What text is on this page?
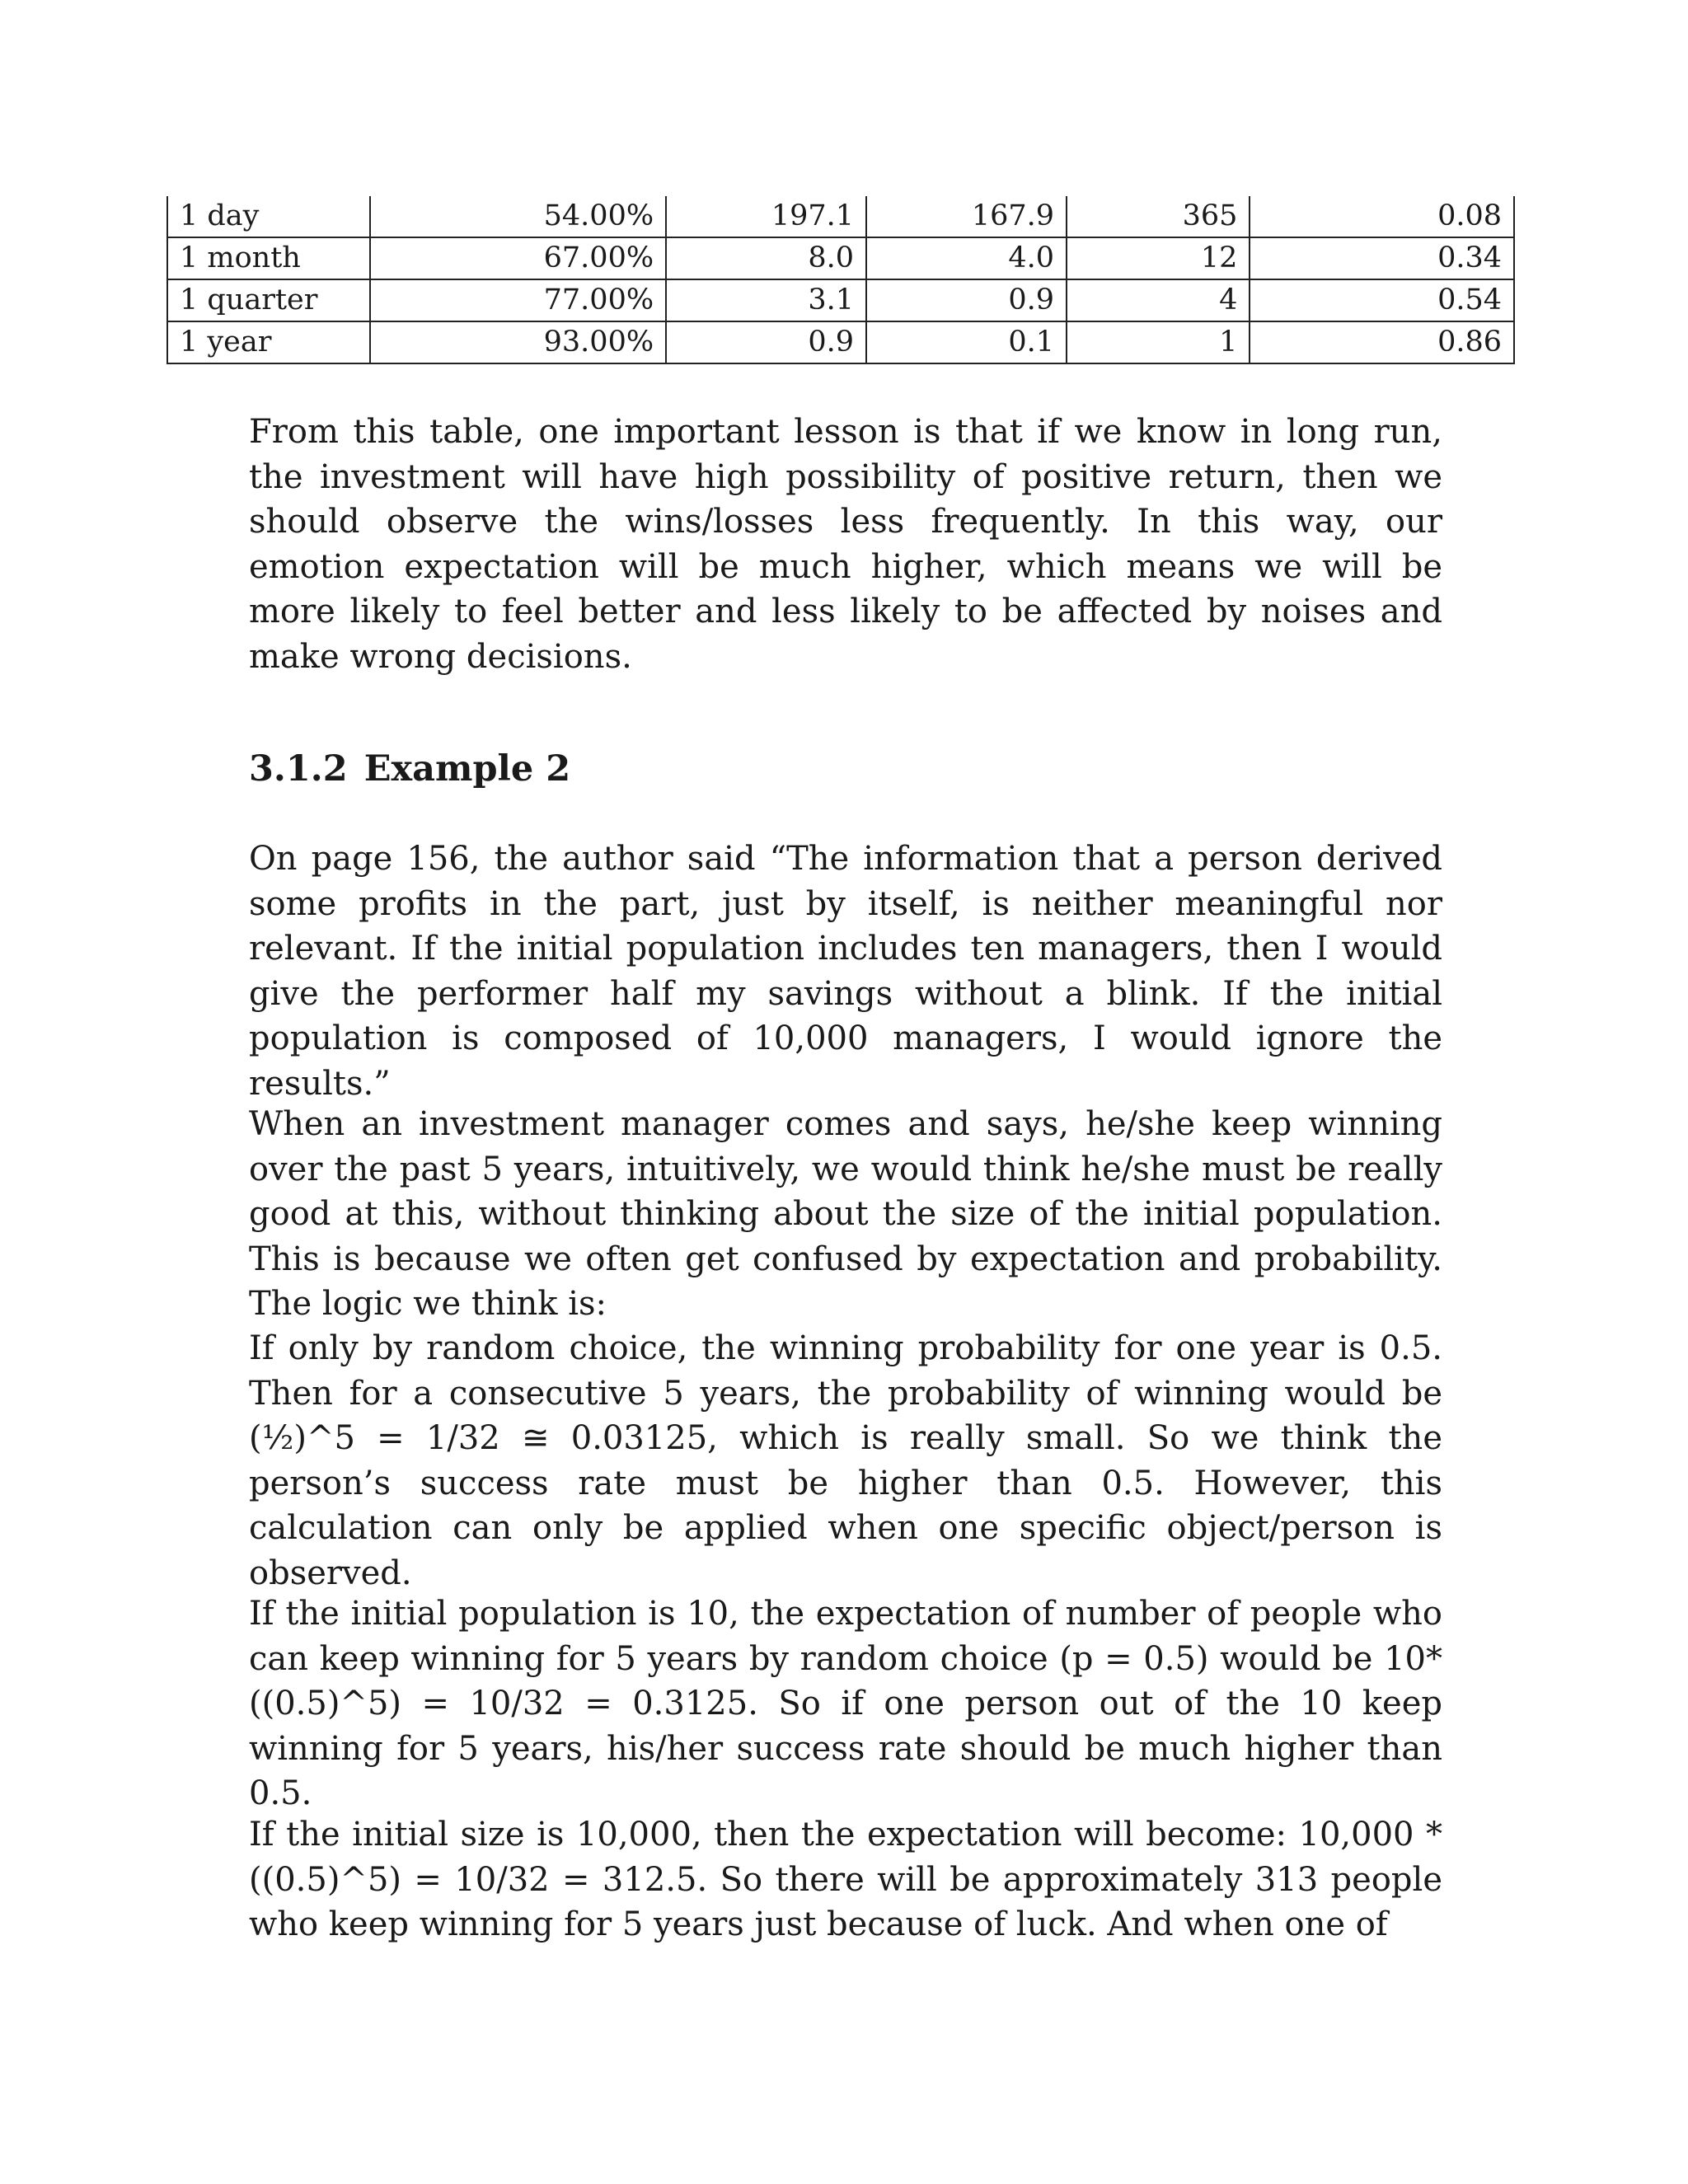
1 day	54.00%	197.1	167.9	365	0.08
1 month	67.00%	8.0	4.0	12	0.34
1 quarter	77.00%	3.1	0.9	4	0.54
1 year	93.00%	0.9	0.1	1	0.86

From this table, one important lesson is that if we know in long run, the investment will have high possibility of positive return, then we should observe the wins/losses less frequently. In this way, our emotion expectation will be much higher, which means we will be more likely to feel better and less likely to be affected by noises and make wrong decisions.

3.1.2 Example 2

On page 156, the author said “The information that a person derived some profits in the part, just by itself, is neither meaningful nor relevant. If the initial population includes ten managers, then I would give the performer half my savings without a blink. If the initial population is composed of 10,000 managers, I would ignore the results.”

When an investment manager comes and says, he/she keep winning over the past 5 years, intuitively, we would think he/she must be really good at this, without thinking about the size of the initial population. This is because we often get confused by expectation and probability. The logic we think is:

If only by random choice, the winning probability for one year is 0.5. Then for a consecutive 5 years, the probability of winning would be (½)^5 = 1/32 ≅ 0.03125, which is really small. So we think the person’s success rate must be higher than 0.5. However, this calculation can only be applied when one specific object/person is observed.

If the initial population is 10, the expectation of number of people who can keep winning for 5 years by random choice (p = 0.5) would be 10* ((0.5)^5) = 10/32 = 0.3125. So if one person out of the 10 keep winning for 5 years, his/her success rate should be much higher than 0.5.

If the initial size is 10,000, then the expectation will become: 10,000 * ((0.5)^5) = 10/32 = 312.5. So there will be approximately 313 people who keep winning for 5 years just because of luck. And when one of
